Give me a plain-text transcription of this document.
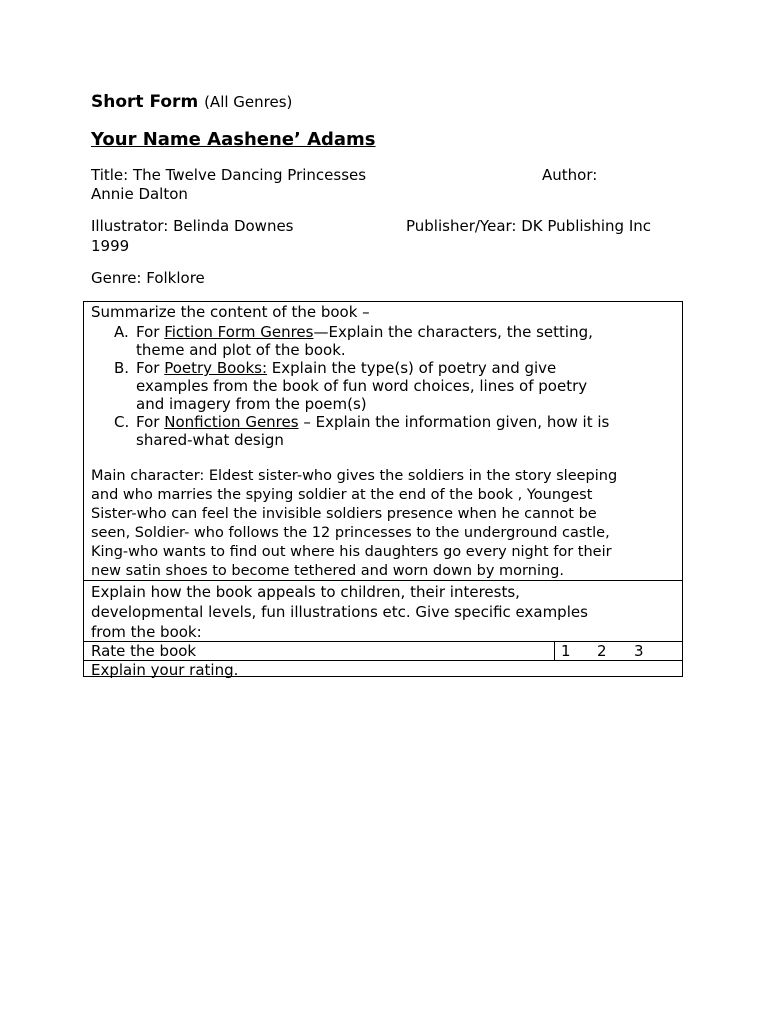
Short Form (All Genres)
Your Name Aashene’ Adams
Title: The Twelve Dancing Princesses	Author:
Annie Dalton
Illustrator: Belinda Downes	Publisher/Year: DK Publishing Inc
1999
Genre: Folklore
Summarize the content of the book –
A. For Fiction Form Genres—Explain the characters, the setting,
theme and plot of the book.
B. For Poetry Books: Explain the type(s) of poetry and give
examples from the book of fun word choices, lines of poetry
and imagery from the poem(s)
C. For Nonfiction Genres – Explain the information given, how it is
shared-what design
Main character: Eldest sister-who gives the soldiers in the story sleeping
and who marries the spying soldier at the end of the book , Youngest
Sister-who can feel the invisible soldiers presence when he cannot be
seen, Soldier- who follows the 12 princesses to the underground castle,
King-who wants to find out where his daughters go every night for their
new satin shoes to become tethered and worn down by morning.
Explain how the book appeals to children, their interests,
developmental levels, fun illustrations etc. Give specific examples
from the book:
Rate the book	1 2 3
Explain your rating.
